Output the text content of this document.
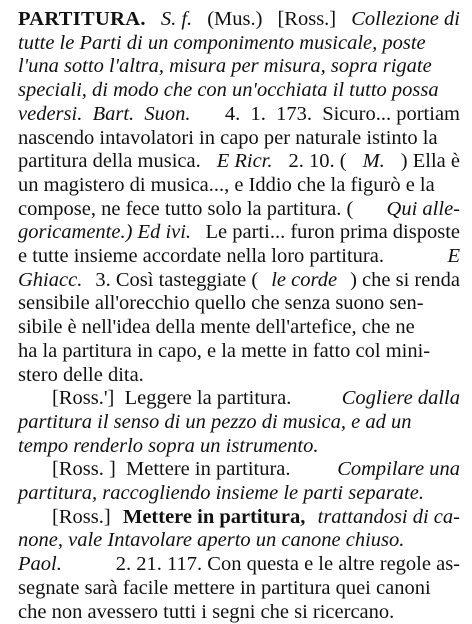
PARTITURA. S. f. (Mus.) [Ross.] Collezione di
tutte le Parti di un componimento musicale, poste
l'una sotto l'altra, misura per misura, sopra rigate
speciali, di modo che con un'occhiata il tutto possa
vedersi.  Bart.  Suon. 4.  1.  173.  Sicuro... portiam
nascendo intavolatori in capo per naturale istinto la
partitura della musica. E Ricr. 2. 10. ( M. ) Ella è
un magistero di musica..., e Iddio che la figurò e la
compose, ne fece tutto solo la partitura. ( Qui alle-
goricamente.) Ed ivi. Le parti... furon prima disposte
e tutte insieme accordate nella loro partitura.	E
Ghiacc. 3. Così tasteggiate ( le corde ) che si renda
sensibile all'orecchio quello che senza suono sen-
sibile è nell'idea della mente dell'artefice, che ne
ha la partitura in capo, e la mette in fatto col mini-
stero delle dita.
[Ross.']  Leggere la partitura. Cogliere dalla
partitura il senso di un pezzo di musica, e ad un
tempo renderlo sopra un istrumento.
[Ross. ]  Mettere in partitura. Compilare una
partitura, raccogliendo insieme le parti separate.
[Ross.] Mettere in partitura, trattandosi di ca-
none, vale Intavolare aperto un canone chiuso.
Paol.	2. 21. 117. Con questa e le altre regole as-
segnate sarà facile mettere in partitura quei canoni
che non avessero tutti i segni che si ricercano.
